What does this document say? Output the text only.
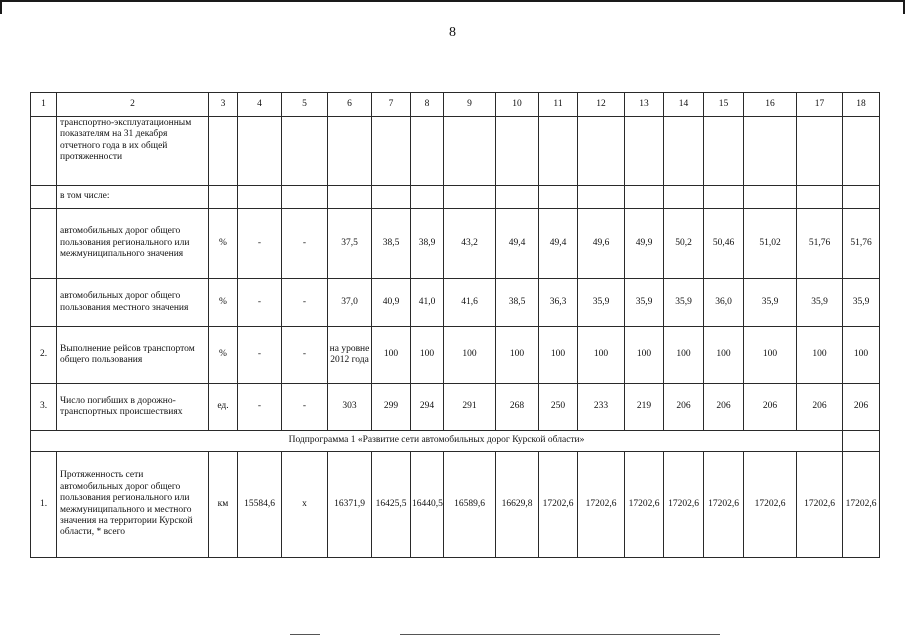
8
1	2	3	4	5	6	7	8	9	10	11	12	13	14	15	16	17	18
	транспортно-эксплуатационным показателям на 31 декабря отчетного года в их общей протяженности																
	в том числе:																
	автомобильных дорог общего пользования регионального или межмуниципального значения	%	-	-	37,5	38,5	38,9	43,2	49,4	49,4	49,6	49,9	50,2	50,46	51,02	51,76	51,76
	автомобильных дорог общего пользования местного значения	%	-	-	37,0	40,9	41,0	41,6	38,5	36,3	35,9	35,9	35,9	36,0	35,9	35,9	35,9
2.	Выполнение рейсов транспортом общего пользования	%	-	-	на уровне 2012 года	100	100	100	100	100	100	100	100	100	100	100	100
3.	Число погибших в дорожно-транспортных происшествиях	ед.	-	-	303	299	294	291	268	250	233	219	206	206	206	206	206
Подпрограмма 1 «Развитие сети автомобильных дорог Курской области»																	
1.	Протяженность сети автомобильных дорог общего пользования регионального или межмуниципального и местного значения на территории Курской области, * всего	км	15584,6	х	16371,9	16425,5	16440,5	16589,6	16629,8	17202,6	17202,6	17202,6	17202,6	17202,6	17202,6	17202,6	17202,6
